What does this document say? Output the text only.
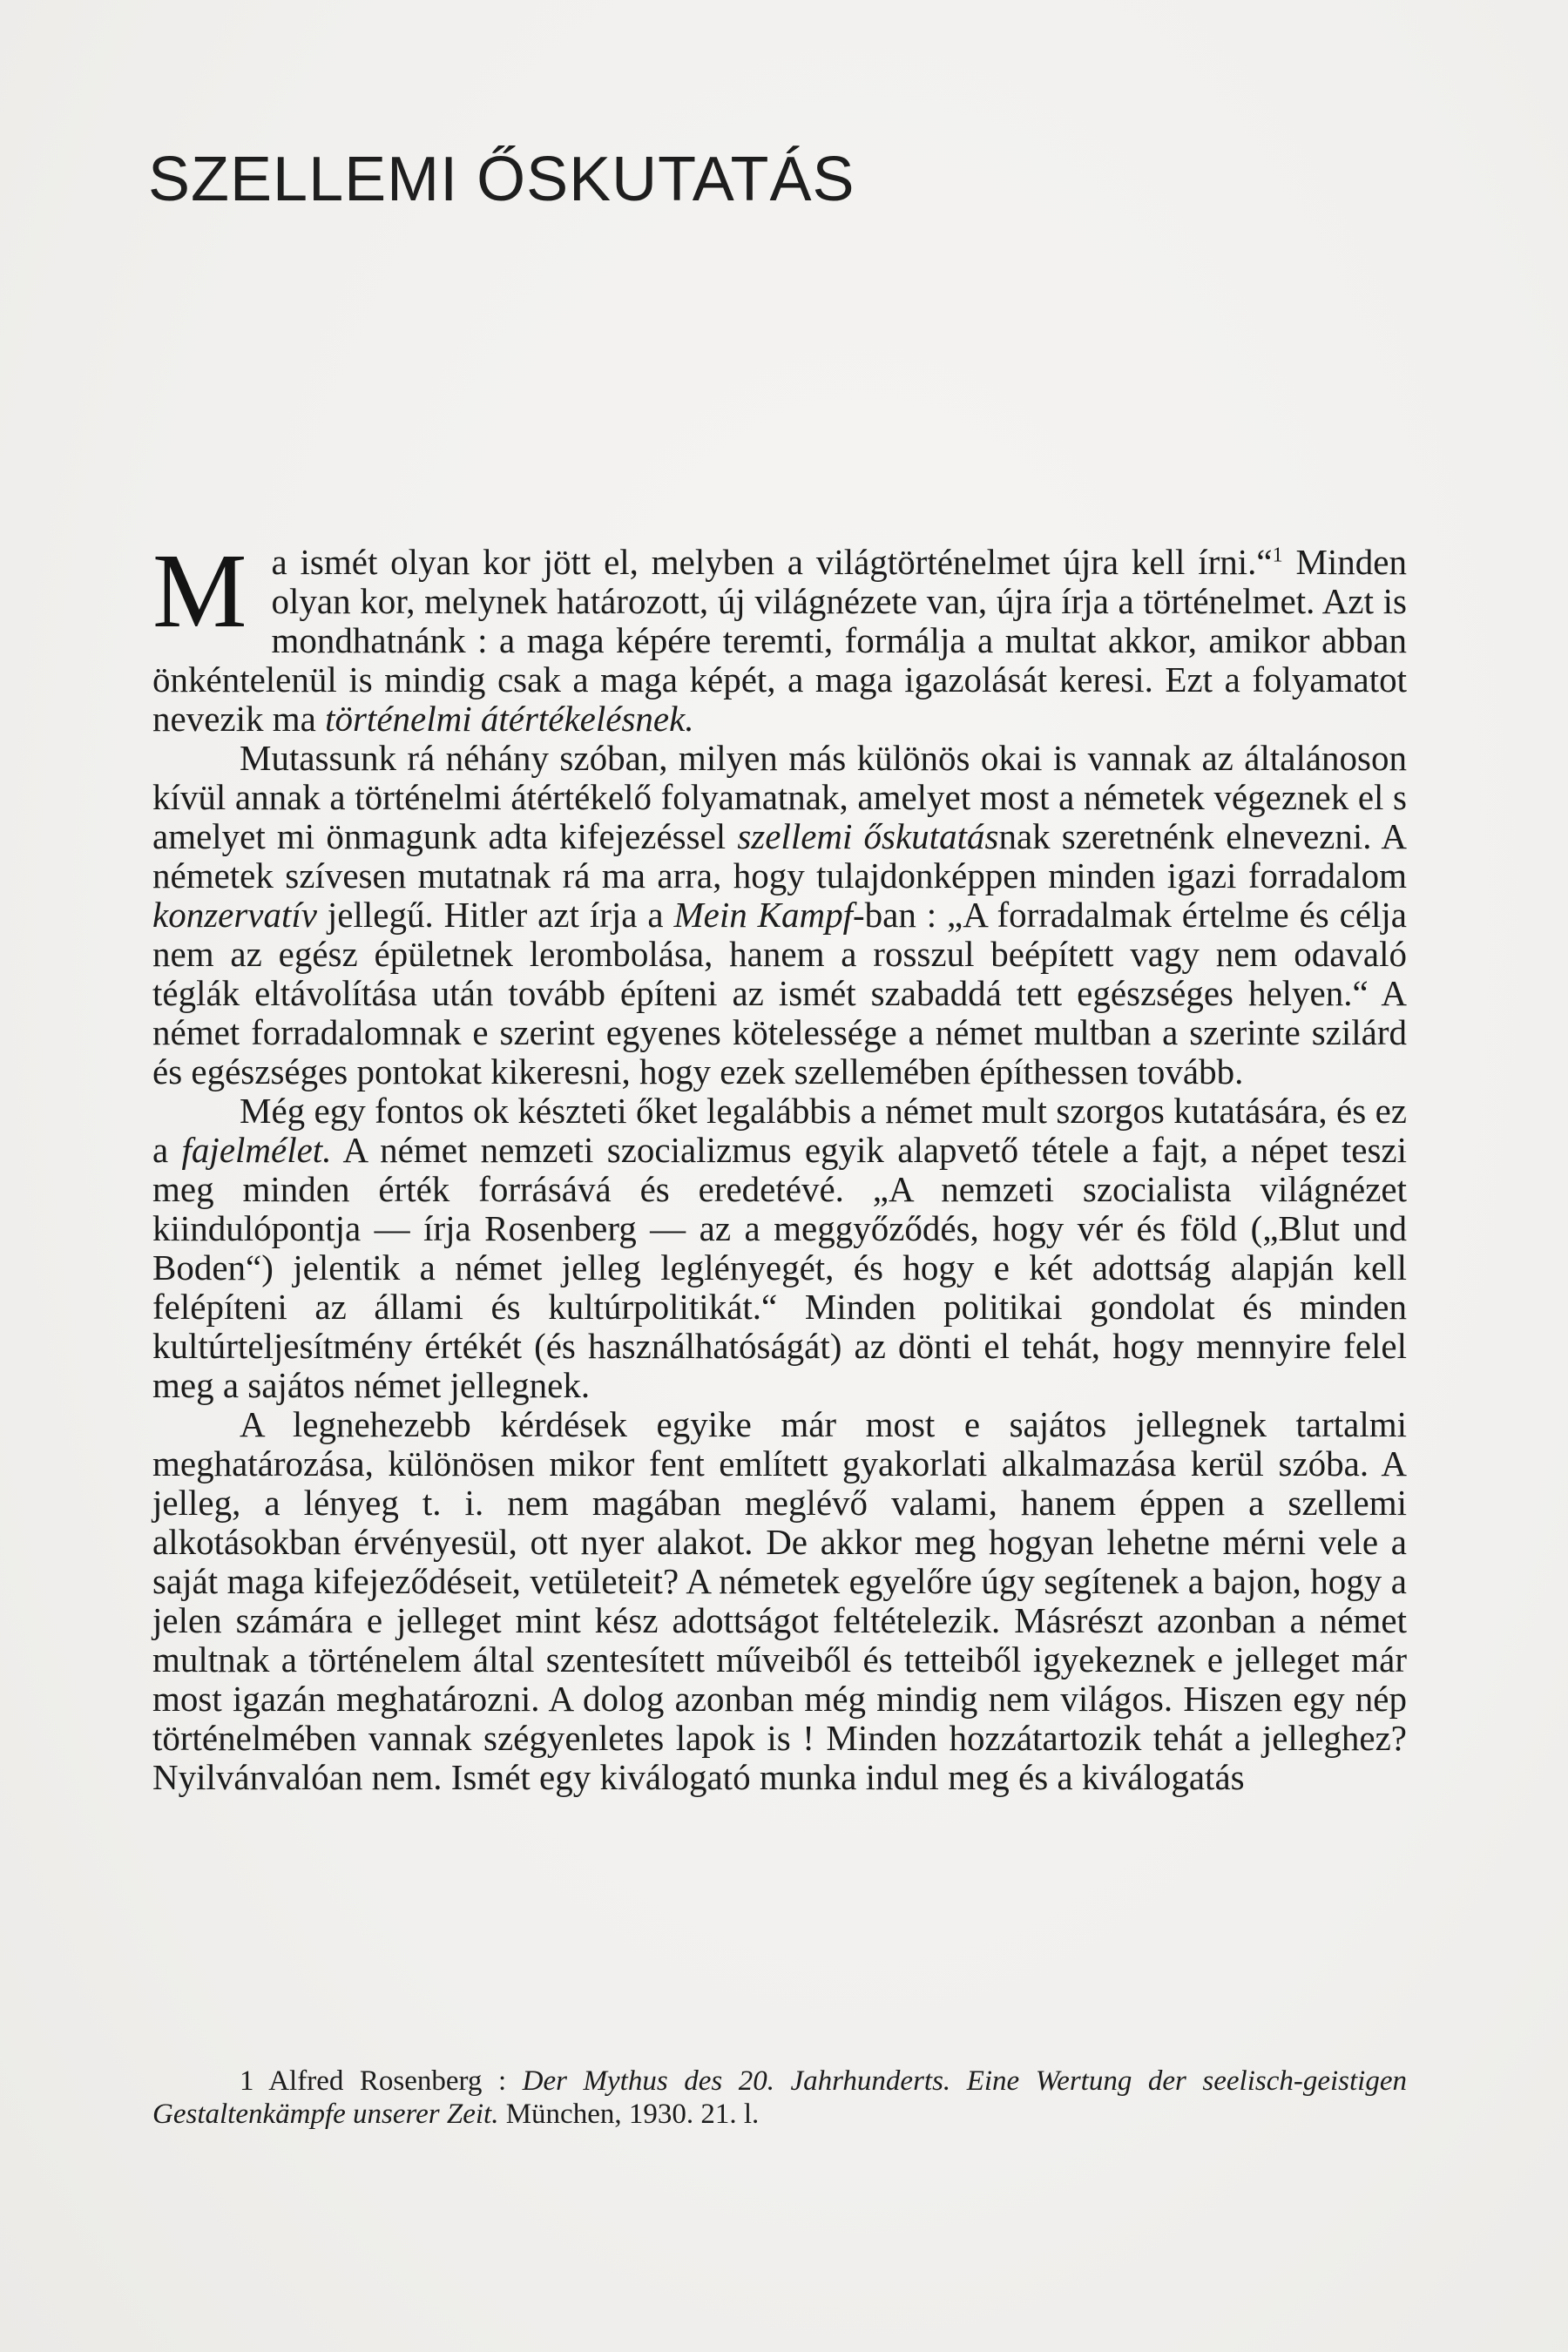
SZELLEMI ŐSKUTATÁS

Ma ismét olyan kor jött el, melyben a világtörténelmet újra kell írni.“$^1$ Minden olyan kor, melynek határozott, új világnézete van, újra írja a történelmet. Azt is mondhatnánk : a maga képére teremti, formálja a multat akkor, amikor abban önkéntelenül is mindig csak a maga képét, a maga igazolását keresi. Ezt a folyamatot nevezik ma történelmi átértékelésnek.

Mutassunk rá néhány szóban, milyen más különös okai is vannak az általánoson kívül annak a történelmi átértékelő folyamatnak, amelyet most a németek végeznek el s amelyet mi önmagunk adta kifejezéssel szellemi őskutatásnak szeretnénk elnevezni. A németek szívesen mutatnak rá ma arra, hogy tulajdonképpen minden igazi forradalom konzervatív jellegű. Hitler azt írja a Mein Kampf-ban : „A forradalmak értelme és célja nem az egész épületnek lerombolása, hanem a rosszul beépített vagy nem odavaló téglák eltávolítása után tovább építeni az ismét szabaddá tett egészséges helyen.“ A német forradalomnak e szerint egyenes kötelessége a német multban a szerinte szilárd és egészséges pontokat kikeresni, hogy ezek szellemében építhessen tovább.

Még egy fontos ok készteti őket legalábbis a német mult szorgos kutatására, és ez a fajelmélet. A német nemzeti szocializmus egyik alapvető tétele a fajt, a népet teszi meg minden érték forrásává és eredetévé. „A nemzeti szocialista világnézet kiindulópontja — írja Rosenberg — az a meggyőződés, hogy vér és föld („Blut und Boden“) jelentik a német jelleg leglényegét, és hogy e két adottság alapján kell felépíteni az állami és kultúrpolitikát.“ Minden politikai gondolat és minden kultúrteljesítmény értékét (és használhatóságát) az dönti el tehát, hogy mennyire felel meg a sajátos német jellegnek.

A legnehezebb kérdések egyike már most e sajátos jellegnek tartalmi meghatározása, különösen mikor fent említett gyakorlati alkalmazása kerül szóba. A jelleg, a lényeg t. i. nem magában meglévő valami, hanem éppen a szellemi alkotásokban érvényesül, ott nyer alakot. De akkor meg hogyan lehetne mérni vele a saját maga kifejeződéseit, vetületeit? A németek egyelőre úgy segítenek a bajon, hogy a jelen számára e jelleget mint kész adottságot feltételezik. Másrészt azonban a német multnak a történelem által szentesített műveiből és tetteiből igyekeznek e jelleget már most igazán meghatározni. A dolog azonban még mindig nem világos. Hiszen egy nép történelmében vannak szégyenletes lapok is ! Minden hozzátartozik tehát a jelleghez? Nyilvánvalóan nem. Ismét egy kiválogató munka indul meg és a kiválogatás

1 Alfred Rosenberg : Der Mythus des 20. Jahrhunderts. Eine Wertung der seelisch-geistigen Gestaltenkämpfe unserer Zeit. München, 1930. 21. l.
